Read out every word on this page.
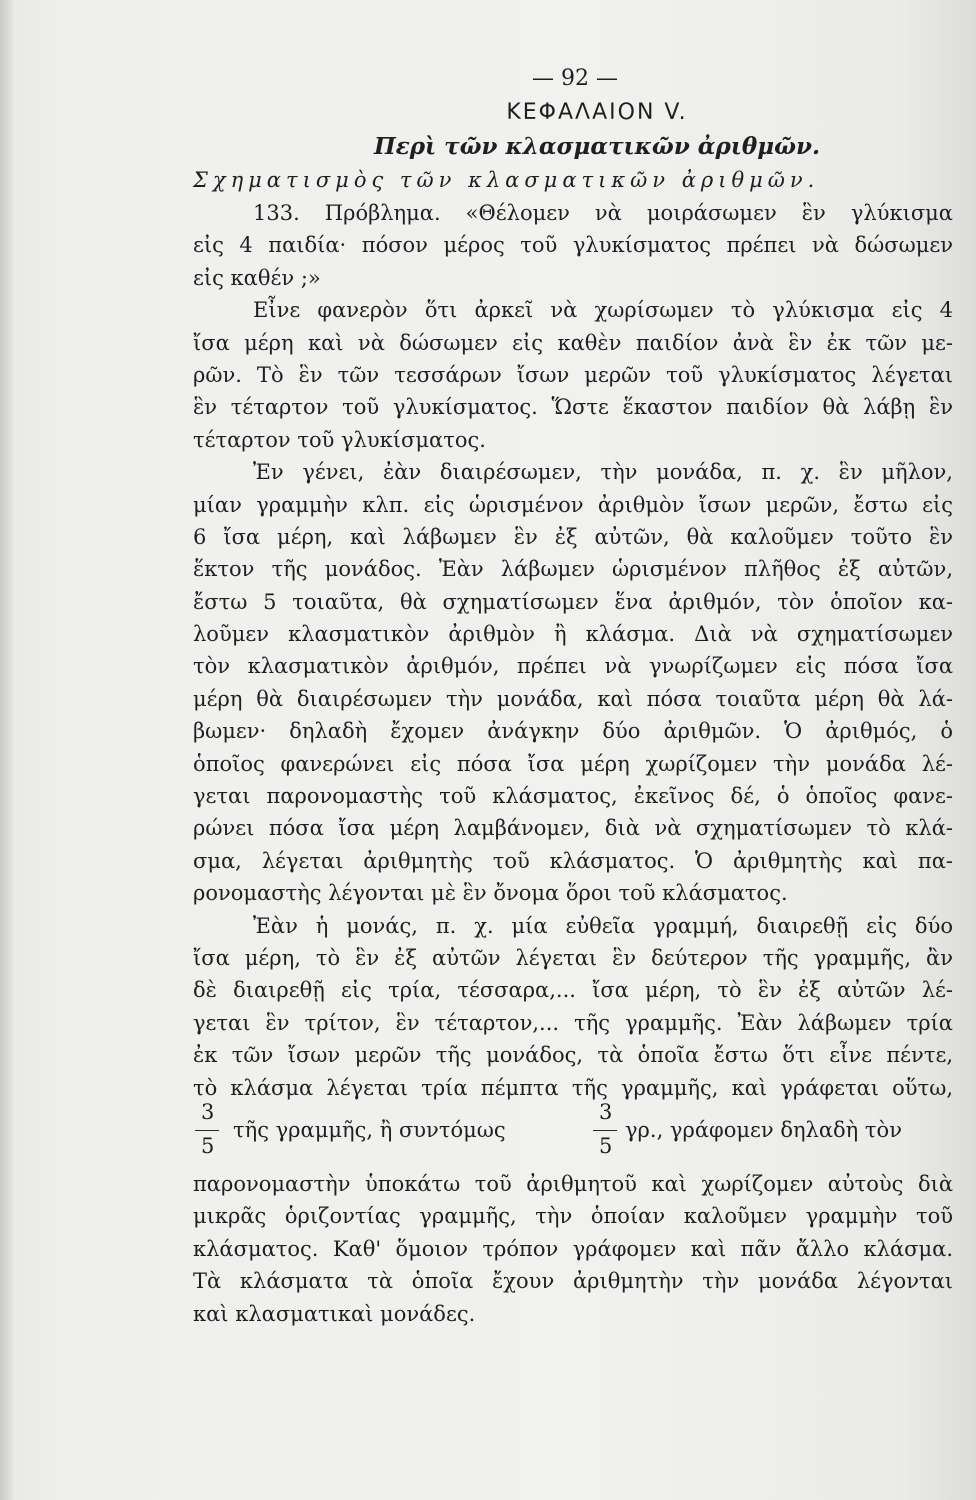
— 92 —
ΚΕΦΑΛΑΙΟΝ V.
Περὶ τῶν κλασματικῶν ἀριθμῶν.
Σχηματισμὸς τῶν κλασματικῶν ἀριθμῶν.
133. Πρόβλημα. «Θέλομεν νὰ μοιράσωμεν ἓν γλύκισμα
εἰς 4 παιδία· πόσον μέρος τοῦ γλυκίσματος πρέπει νὰ δώσωμεν
εἰς καθέν ;»
Εἶνε φανερὸν ὅτι ἀρκεῖ νὰ χωρίσωμεν τὸ γλύκισμα εἰς 4
ἴσα μέρη καὶ νὰ δώσωμεν εἰς καθὲν παιδίον ἀνὰ ἓν ἐκ τῶν με-
ρῶν. Τὸ ἓν τῶν τεσσάρων ἴσων μερῶν τοῦ γλυκίσματος λέγεται
ἓν τέταρτον τοῦ γλυκίσματος. Ὥστε ἕκαστον παιδίον θὰ λάβῃ ἓν
τέταρτον τοῦ γλυκίσματος.
Ἐν γένει, ἐὰν διαιρέσωμεν, τὴν μονάδα, π. χ. ἓν μῆλον,
μίαν γραμμὴν κλπ. εἰς ὡρισμένον ἀριθμὸν ἴσων μερῶν, ἔστω εἰς
6 ἴσα μέρη, καὶ λάβωμεν ἓν ἐξ αὐτῶν, θὰ καλοῦμεν τοῦτο ἓν
ἕκτον τῆς μονάδος. Ἐὰν λάβωμεν ὡρισμένον πλῆθος ἐξ αὐτῶν,
ἔστω 5 τοιαῦτα, θὰ σχηματίσωμεν ἕνα ἀριθμόν, τὸν ὁποῖον κα-
λοῦμεν κλασματικὸν ἀριθμὸν ἢ κλάσμα. Διὰ νὰ σχηματίσωμεν
τὸν κλασματικὸν ἀριθμόν, πρέπει νὰ γνωρίζωμεν εἰς πόσα ἴσα
μέρη θὰ διαιρέσωμεν τὴν μονάδα, καὶ πόσα τοιαῦτα μέρη θὰ λά-
βωμεν· δηλαδὴ ἔχομεν ἀνάγκην δύο ἀριθμῶν. Ὁ ἀριθμός, ὁ
ὁποῖος φανερώνει εἰς πόσα ἴσα μέρη χωρίζομεν τὴν μονάδα λέ-
γεται παρονομαστὴς τοῦ κλάσματος, ἐκεῖνος δέ, ὁ ὁποῖος φανε-
ρώνει πόσα ἴσα μέρη λαμβάνομεν, διὰ νὰ σχηματίσωμεν τὸ κλά-
σμα, λέγεται ἀριθμητὴς τοῦ κλάσματος. Ὁ ἀριθμητὴς καὶ πα-
ρονομαστὴς λέγονται μὲ ἓν ὄνομα ὅροι τοῦ κλάσματος.
Ἐὰν ἡ μονάς, π. χ. μία εὐθεῖα γραμμή, διαιρεθῇ εἰς δύο
ἴσα μέρη, τὸ ἓν ἐξ αὐτῶν λέγεται ἓν δεύτερον τῆς γραμμῆς, ἂν
δὲ διαιρεθῇ εἰς τρία, τέσσαρα,... ἴσα μέρη, τὸ ἓν ἐξ αὐτῶν λέ-
γεται ἓν τρίτον, ἓν τέταρτον,... τῆς γραμμῆς. Ἐὰν λάβωμεν τρία
ἐκ τῶν ἴσων μερῶν τῆς μονάδος, τὰ ὁποῖα ἔστω ὅτι εἶνε πέντε,
τὸ κλάσμα λέγεται τρία πέμπτα τῆς γραμμῆς, καὶ γράφεται οὕτω,
3
5
τῆς γραμμῆς, ἢ συντόμως
3
5
γρ., γράφομεν δηλαδὴ τὸν
παρονομαστὴν ὑποκάτω τοῦ ἀριθμητοῦ καὶ χωρίζομεν αὐτοὺς διὰ
μικρᾶς ὁριζοντίας γραμμῆς, τὴν ὁποίαν καλοῦμεν γραμμὴν τοῦ
κλάσματος. Καθ' ὅμοιον τρόπον γράφομεν καὶ πᾶν ἄλλο κλάσμα.
Τὰ κλάσματα τὰ ὁποῖα ἔχουν ἀριθμητὴν τὴν μονάδα λέγονται
καὶ κλασματικαὶ μονάδες.
